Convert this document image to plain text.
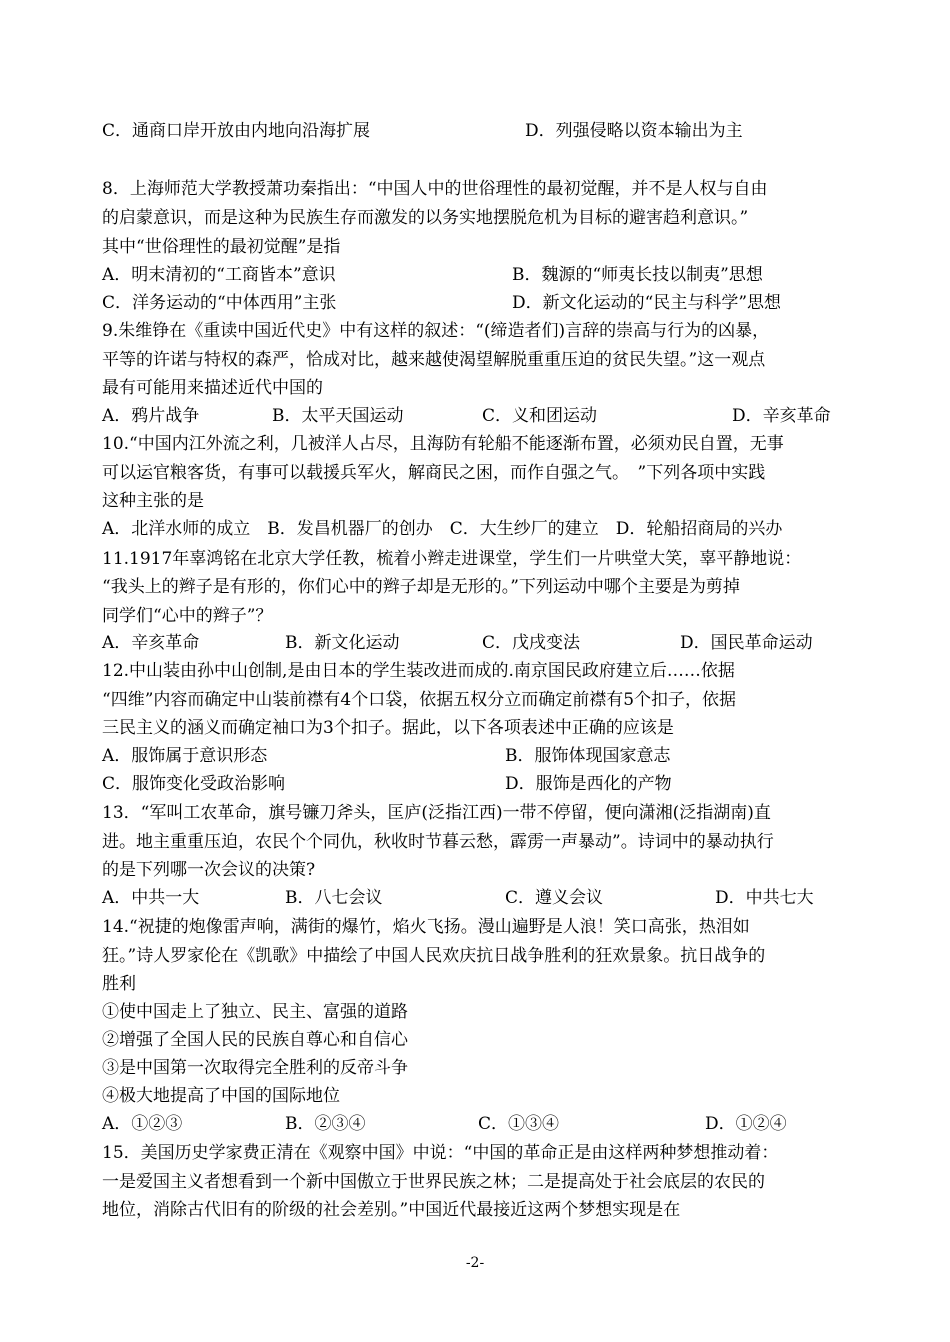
C．通商口岸开放由内地向沿海扩展	D．列强侵略以资本输出为主
8．上海师范大学教授萧功秦指出：“中国人中的世俗理性的最初觉醒，并不是人权与自由
的启蒙意识，而是这种为民族生存而激发的以务实地摆脱危机为目标的避害趋利意识。”
其中“世俗理性的最初觉醒”是指
A．明末清初的“工商皆本”意识	B．魏源的“师夷长技以制夷”思想
C．洋务运动的“中体西用”主张	D．新文化运动的“民主与科学”思想
9.朱维铮在《重读中国近代史》中有这样的叙述：“(缔造者们)言辞的崇高与行为的凶暴，
平等的许诺与特权的森严，恰成对比，越来越使渴望解脱重重压迫的贫民失望。”这一观点
最有可能用来描述近代中国的
A．鸦片战争	B．太平天国运动	C．义和团运动	D．辛亥革命
10.“中国内江外流之利，几被洋人占尽，且海防有轮船不能逐渐布置，必须劝民自置，无事
可以运官粮客货，有事可以载援兵军火，解商民之困，而作自强之气。　”下列各项中实践
这种主张的是
A．北洋水师的成立　B．发昌机器厂的创办　C．大生纱厂的建立　D．轮船招商局的兴办
11.1917年辜鸿铭在北京大学任教，梳着小辫走进课堂，学生们一片哄堂大笑，辜平静地说：
“我头上的辫子是有形的，你们心中的辫子却是无形的。”下列运动中哪个主要是为剪掉
同学们“心中的辫子”？
A．辛亥革命	B．新文化运动	C．戊戌变法	D．国民革命运动
12.中山装由孙中山创制,是由日本的学生装改进而成的.南京国民政府建立后……依据
“四维”内容而确定中山装前襟有4个口袋，依据五权分立而确定前襟有5个扣子，依据
三民主义的涵义而确定袖口为3个扣子。据此，以下各项表述中正确的应该是
A．服饰属于意识形态	B．服饰体现国家意志
C．服饰变化受政治影响	D．服饰是西化的产物
13．“军叫工农革命，旗号镰刀斧头，匡庐(泛指江西)一带不停留，便向潇湘(泛指湖南)直
进。地主重重压迫，农民个个同仇，秋收时节暮云愁，霹雳一声暴动”。诗词中的暴动执行
的是下列哪一次会议的决策?
A．中共一大	B．八七会议	C．遵义会议	D．中共七大
14.“祝捷的炮像雷声响，满街的爆竹，焰火飞扬。漫山遍野是人浪！笑口高张，热泪如
狂。”诗人罗家伦在《凯歌》中描绘了中国人民欢庆抗日战争胜利的狂欢景象。抗日战争的
胜利
①使中国走上了独立、民主、富强的道路
②增强了全国人民的民族自尊心和自信心
③是中国第一次取得完全胜利的反帝斗争
④极大地提高了中国的国际地位
A．①②③	B．②③④	C．①③④	D．①②④
15．美国历史学家费正清在《观察中国》中说：“中国的革命正是由这样两种梦想推动着：
一是爱国主义者想看到一个新中国傲立于世界民族之林；二是提高处于社会底层的农民的
地位，消除古代旧有的阶级的社会差别。”中国近代最接近这两个梦想实现是在
-2-
